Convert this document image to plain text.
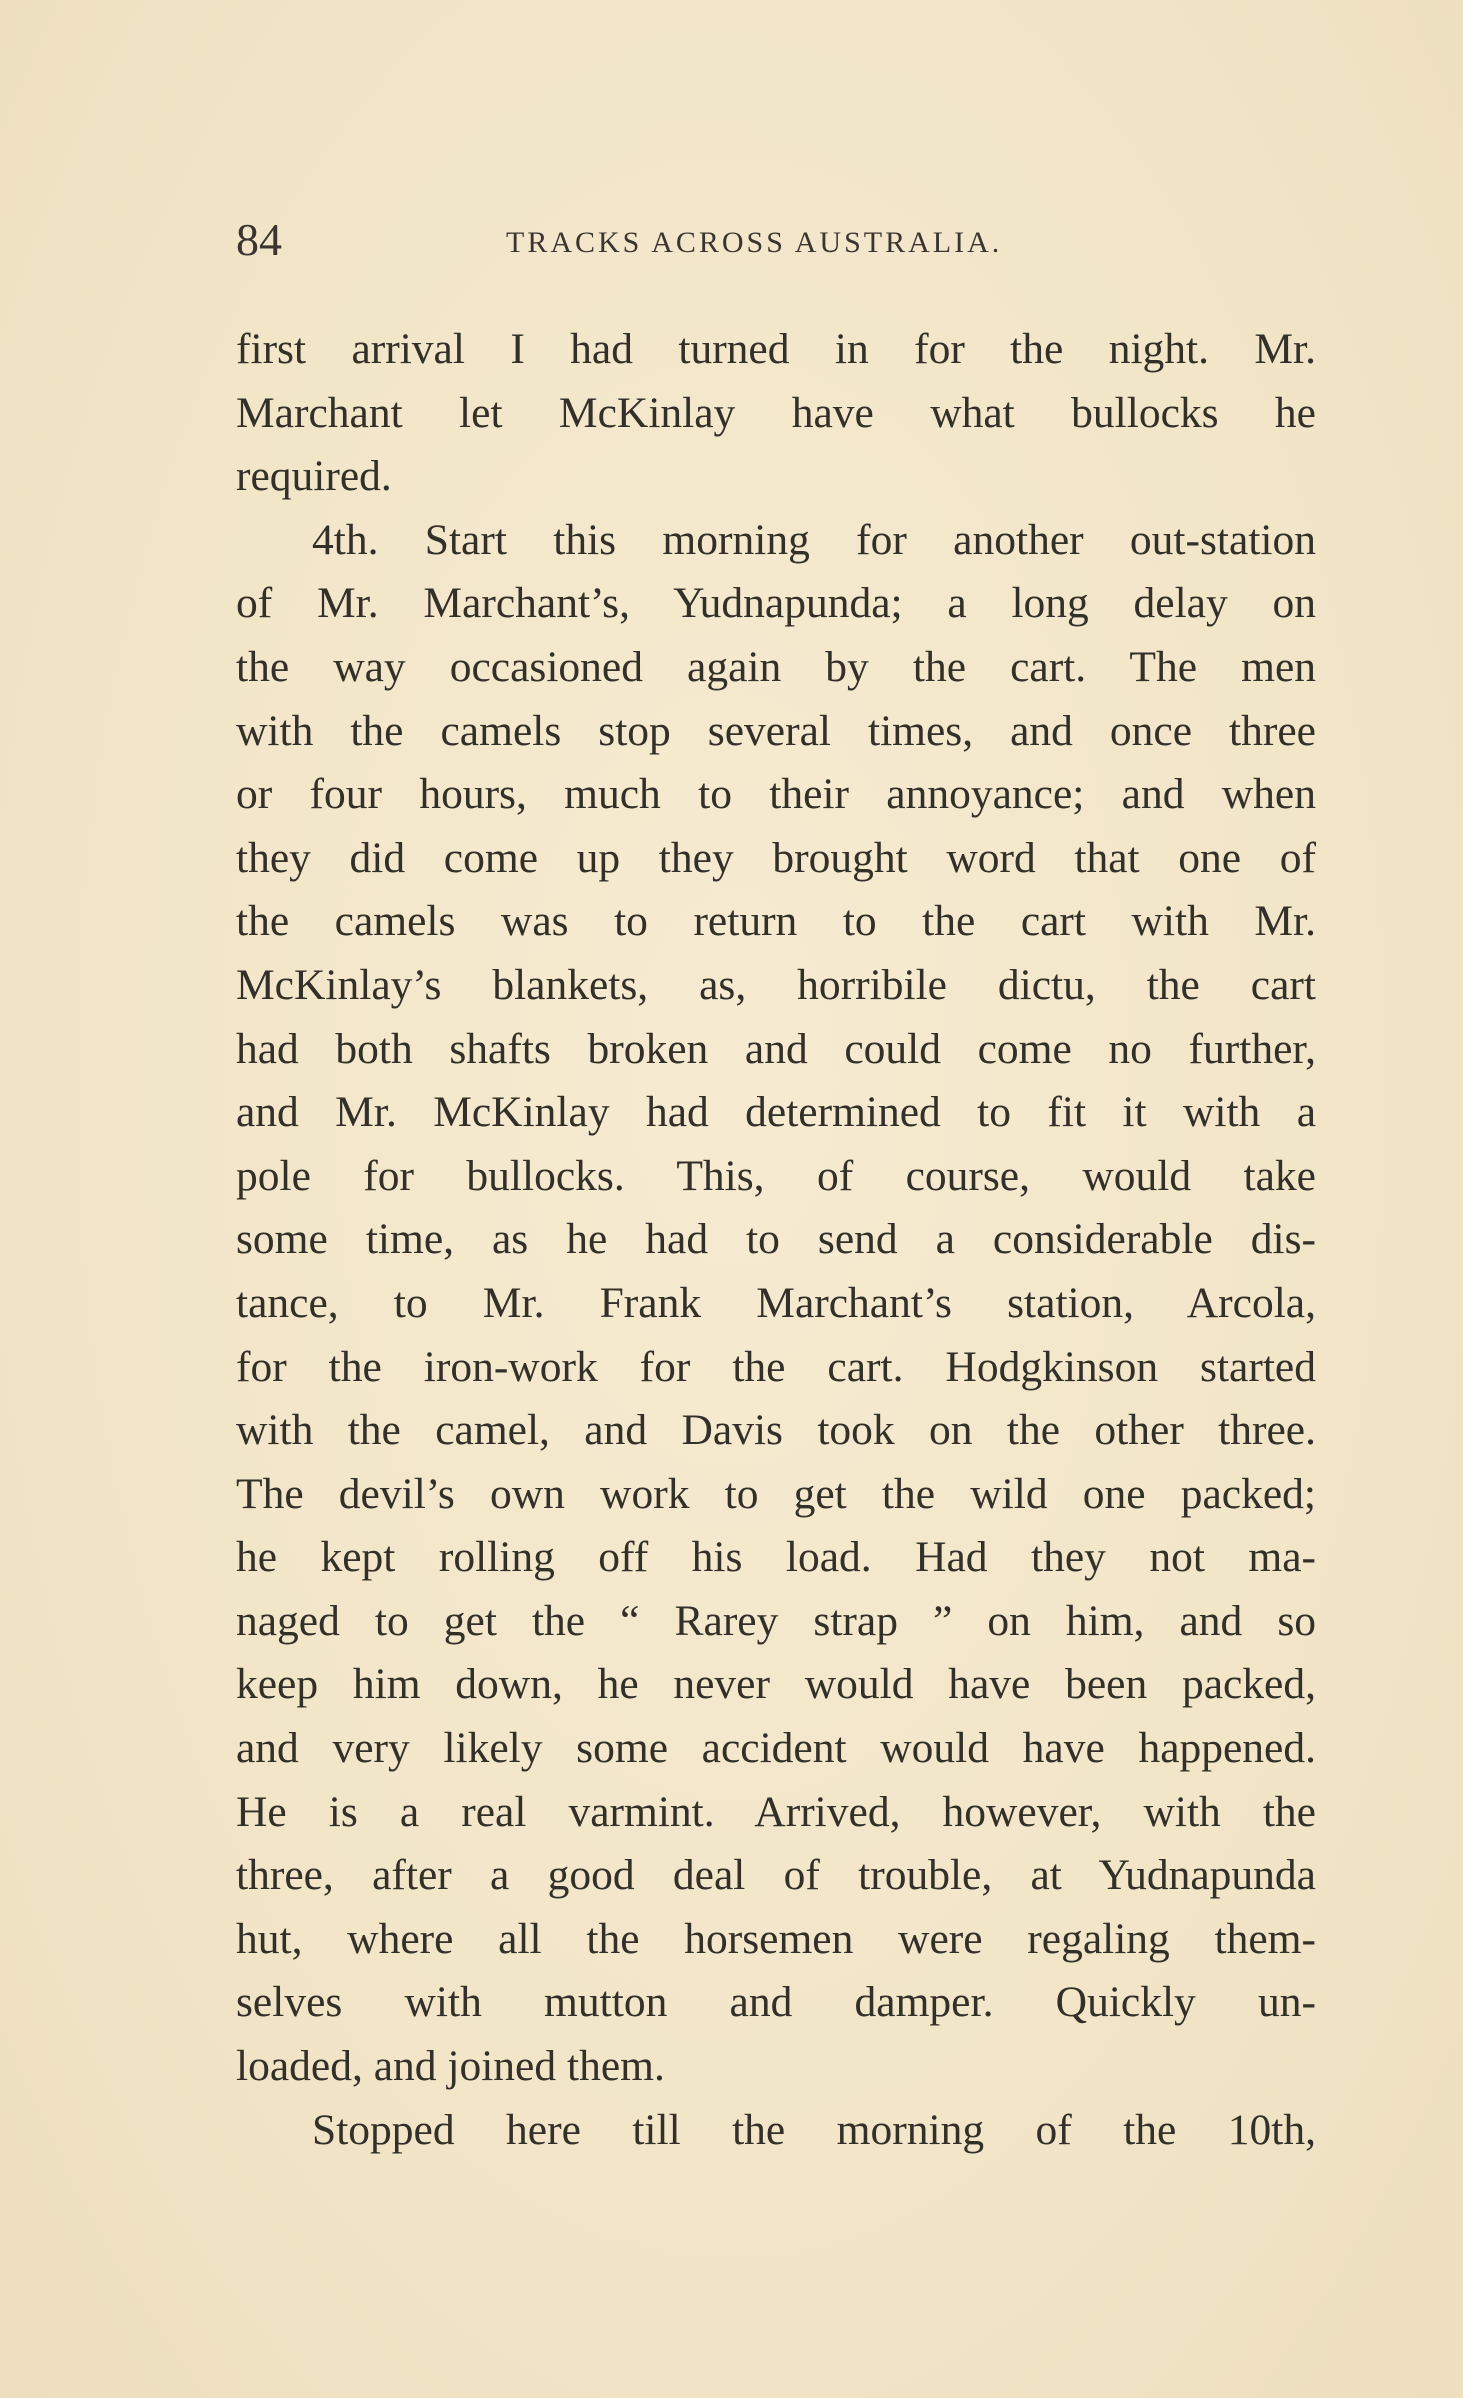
84	TRACKS ACROSS AUSTRALIA.
first arrival I had turned in for the night. Mr.
Marchant let McKinlay have what bullocks he
required.
4th. Start this morning for another out-station
of Mr. Marchant’s, Yudnapunda; a long delay on
the way occasioned again by the cart. The men
with the camels stop several times, and once three
or four hours, much to their annoyance; and when
they did come up they brought word that one of
the camels was to return to the cart with Mr.
McKinlay’s blankets, as, horribile dictu, the cart
had both shafts broken and could come no further,
and Mr. McKinlay had determined to fit it with a
pole for bullocks. This, of course, would take
some time, as he had to send a considerable dis-
tance, to Mr. Frank Marchant’s station, Arcola,
for the iron-work for the cart. Hodgkinson started
with the camel, and Davis took on the other three.
The devil’s own work to get the wild one packed;
he kept rolling off his load. Had they not ma-
naged to get the “ Rarey strap ” on him, and so
keep him down, he never would have been packed,
and very likely some accident would have happened.
He is a real varmint. Arrived, however, with the
three, after a good deal of trouble, at Yudnapunda
hut, where all the horsemen were regaling them-
selves with mutton and damper. Quickly un-
loaded, and joined them.
Stopped here till the morning of the 10th,
